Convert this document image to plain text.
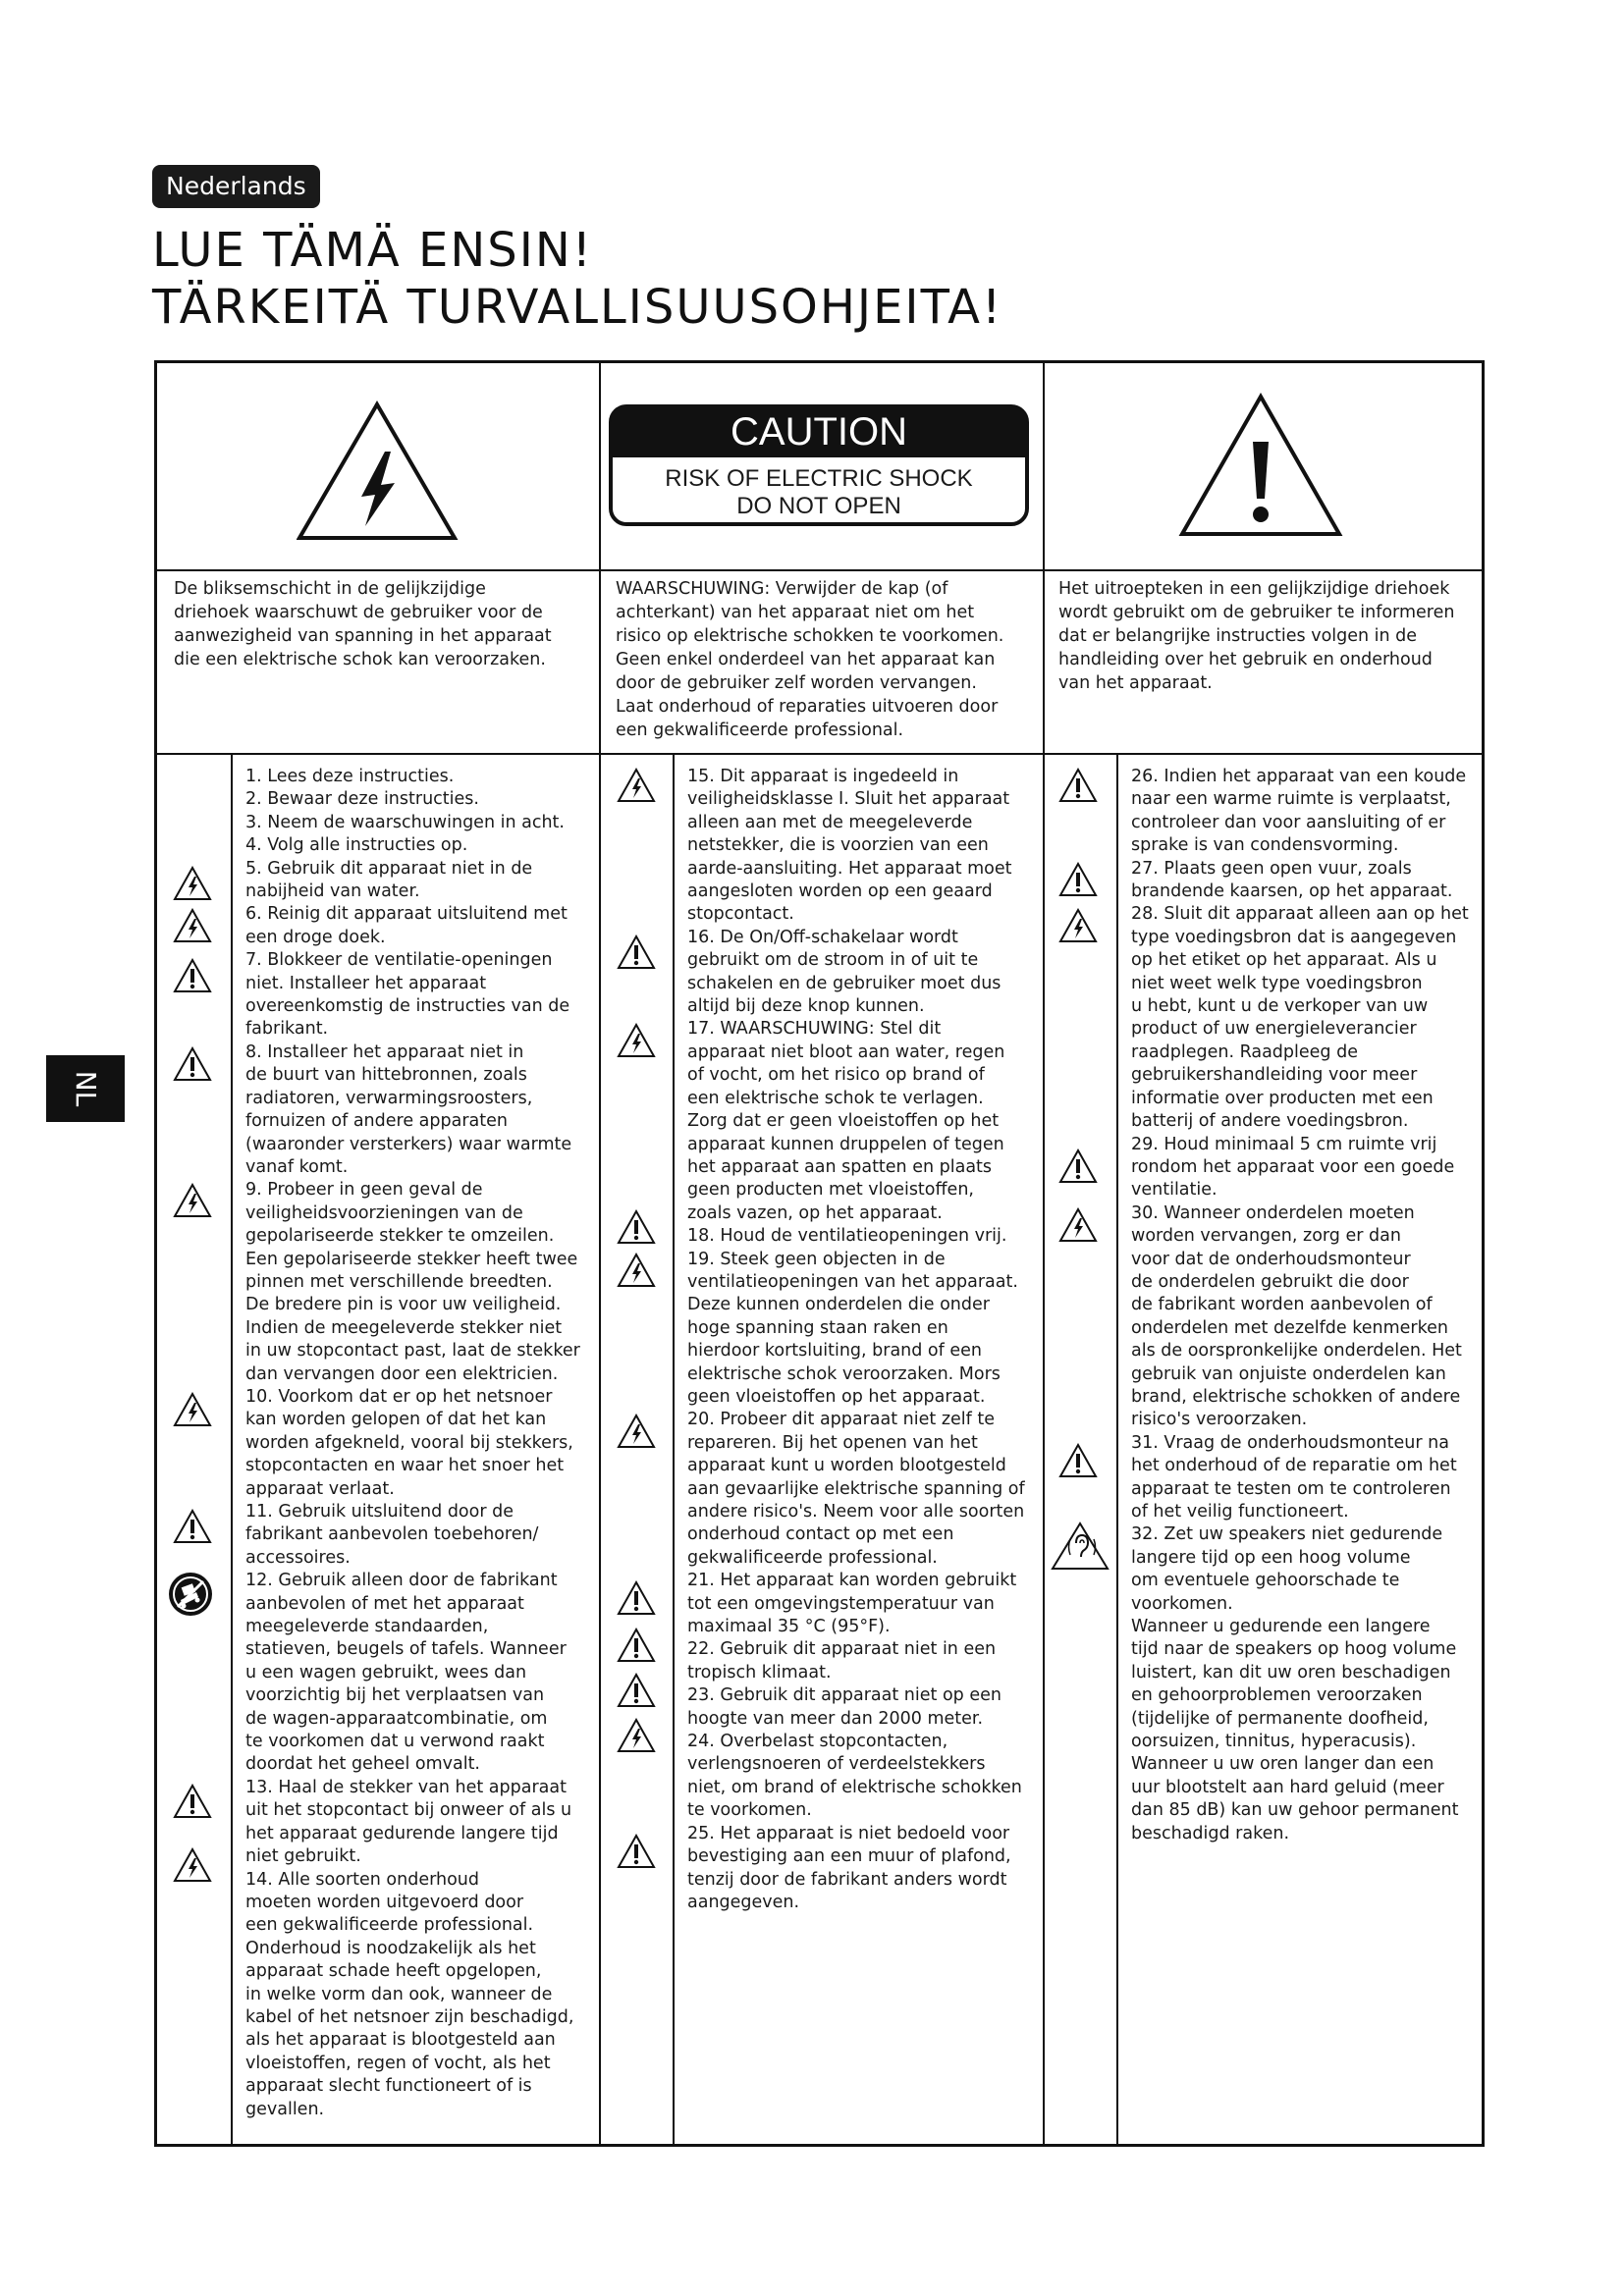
Nederlands
LUE TÄMÄ ENSIN!
TÄRKEITÄ TURVALLISUUSOHJEITA!
NL
CAUTION
RISK OF ELECTRIC SHOCK
DO NOT OPEN

De bliksemschicht in de gelijkzijdige
driehoek waarschuwt de gebruiker voor de
aanwezigheid van spanning in het apparaat
die een elektrische schok kan veroorzaken.

WAARSCHUWING: Verwijder de kap (of
achterkant) van het apparaat niet om het
risico op elektrische schokken te voorkomen.
Geen enkel onderdeel van het apparaat kan
door de gebruiker zelf worden vervangen.
Laat onderhoud of reparaties uitvoeren door
een gekwalificeerde professional.

Het uitroepteken in een gelijkzijdige driehoek
wordt gebruikt om de gebruiker te informeren
dat er belangrijke instructies volgen in de
handleiding over het gebruik en onderhoud
van het apparaat.

1. Lees deze instructies.
2. Bewaar deze instructies.
3. Neem de waarschuwingen in acht.
4. Volg alle instructies op.
5. Gebruik dit apparaat niet in de
nabijheid van water.
6. Reinig dit apparaat uitsluitend met
een droge doek.
7. Blokkeer de ventilatie-openingen
niet. Installeer het apparaat
overeenkomstig de instructies van de
fabrikant.
8. Installeer het apparaat niet in
de buurt van hittebronnen, zoals
radiatoren, verwarmingsroosters,
fornuizen of andere apparaten
(waaronder versterkers) waar warmte
vanaf komt.
9. Probeer in geen geval de
veiligheidsvoorzieningen van de
gepolariseerde stekker te omzeilen.
Een gepolariseerde stekker heeft twee
pinnen met verschillende breedten.
De bredere pin is voor uw veiligheid.
Indien de meegeleverde stekker niet
in uw stopcontact past, laat de stekker
dan vervangen door een elektricien.
10. Voorkom dat er op het netsnoer
kan worden gelopen of dat het kan
worden afgekneld, vooral bij stekkers,
stopcontacten en waar het snoer het
apparaat verlaat.
11. Gebruik uitsluitend door de
fabrikant aanbevolen toebehoren/
accessoires.
12. Gebruik alleen door de fabrikant
aanbevolen of met het apparaat
meegeleverde standaarden,
statieven, beugels of tafels. Wanneer
u een wagen gebruikt, wees dan
voorzichtig bij het verplaatsen van
de wagen-apparaatcombinatie, om
te voorkomen dat u verwond raakt
doordat het geheel omvalt.
13. Haal de stekker van het apparaat
uit het stopcontact bij onweer of als u
het apparaat gedurende langere tijd
niet gebruikt.
14. Alle soorten onderhoud
moeten worden uitgevoerd door
een gekwalificeerde professional.
Onderhoud is noodzakelijk als het
apparaat schade heeft opgelopen,
in welke vorm dan ook, wanneer de
kabel of het netsnoer zijn beschadigd,
als het apparaat is blootgesteld aan
vloeistoffen, regen of vocht, als het
apparaat slecht functioneert of is
gevallen.

15. Dit apparaat is ingedeeld in
veiligheidsklasse I. Sluit het apparaat
alleen aan met de meegeleverde
netstekker, die is voorzien van een
aarde-aansluiting. Het apparaat moet
aangesloten worden op een geaard
stopcontact.
16. De On/Off-schakelaar wordt
gebruikt om de stroom in of uit te
schakelen en de gebruiker moet dus
altijd bij deze knop kunnen.
17. WAARSCHUWING: Stel dit
apparaat niet bloot aan water, regen
of vocht, om het risico op brand of
een elektrische schok te verlagen.
Zorg dat er geen vloeistoffen op het
apparaat kunnen druppelen of tegen
het apparaat aan spatten en plaats
geen producten met vloeistoffen,
zoals vazen, op het apparaat.
18. Houd de ventilatieopeningen vrij.
19. Steek geen objecten in de
ventilatieopeningen van het apparaat.
Deze kunnen onderdelen die onder
hoge spanning staan raken en
hierdoor kortsluiting, brand of een
elektrische schok veroorzaken. Mors
geen vloeistoffen op het apparaat.
20. Probeer dit apparaat niet zelf te
repareren. Bij het openen van het
apparaat kunt u worden blootgesteld
aan gevaarlijke elektrische spanning of
andere risico's. Neem voor alle soorten
onderhoud contact op met een
gekwalificeerde professional.
21. Het apparaat kan worden gebruikt
tot een omgevingstemperatuur van
maximaal 35 °C (95°F).
22. Gebruik dit apparaat niet in een
tropisch klimaat.
23. Gebruik dit apparaat niet op een
hoogte van meer dan 2000 meter.
24. Overbelast stopcontacten,
verlengsnoeren of verdeelstekkers
niet, om brand of elektrische schokken
te voorkomen.
25. Het apparaat is niet bedoeld voor
bevestiging aan een muur of plafond,
tenzij door de fabrikant anders wordt
aangegeven.

26. Indien het apparaat van een koude
naar een warme ruimte is verplaatst,
controleer dan voor aansluiting of er
sprake is van condensvorming.
27. Plaats geen open vuur, zoals
brandende kaarsen, op het apparaat.
28. Sluit dit apparaat alleen aan op het
type voedingsbron dat is aangegeven
op het etiket op het apparaat. Als u
niet weet welk type voedingsbron
u hebt, kunt u de verkoper van uw
product of uw energieleverancier
raadplegen. Raadpleeg de
gebruikershandleiding voor meer
informatie over producten met een
batterij of andere voedingsbron.
29. Houd minimaal 5 cm ruimte vrij
rondom het apparaat voor een goede
ventilatie.
30. Wanneer onderdelen moeten
worden vervangen, zorg er dan
voor dat de onderhoudsmonteur
de onderdelen gebruikt die door
de fabrikant worden aanbevolen of
onderdelen met dezelfde kenmerken
als de oorspronkelijke onderdelen. Het
gebruik van onjuiste onderdelen kan
brand, elektrische schokken of andere
risico's veroorzaken.
31. Vraag de onderhoudsmonteur na
het onderhoud of de reparatie om het
apparaat te testen om te controleren
of het veilig functioneert.
32. Zet uw speakers niet gedurende
langere tijd op een hoog volume
om eventuele gehoorschade te
voorkomen.
Wanneer u gedurende een langere
tijd naar de speakers op hoog volume
luistert, kan dit uw oren beschadigen
en gehoorproblemen veroorzaken
(tijdelijke of permanente doofheid,
oorsuizen, tinnitus, hyperacusis).
Wanneer u uw oren langer dan een
uur blootstelt aan hard geluid (meer
dan 85 dB) kan uw gehoor permanent
beschadigd raken.
